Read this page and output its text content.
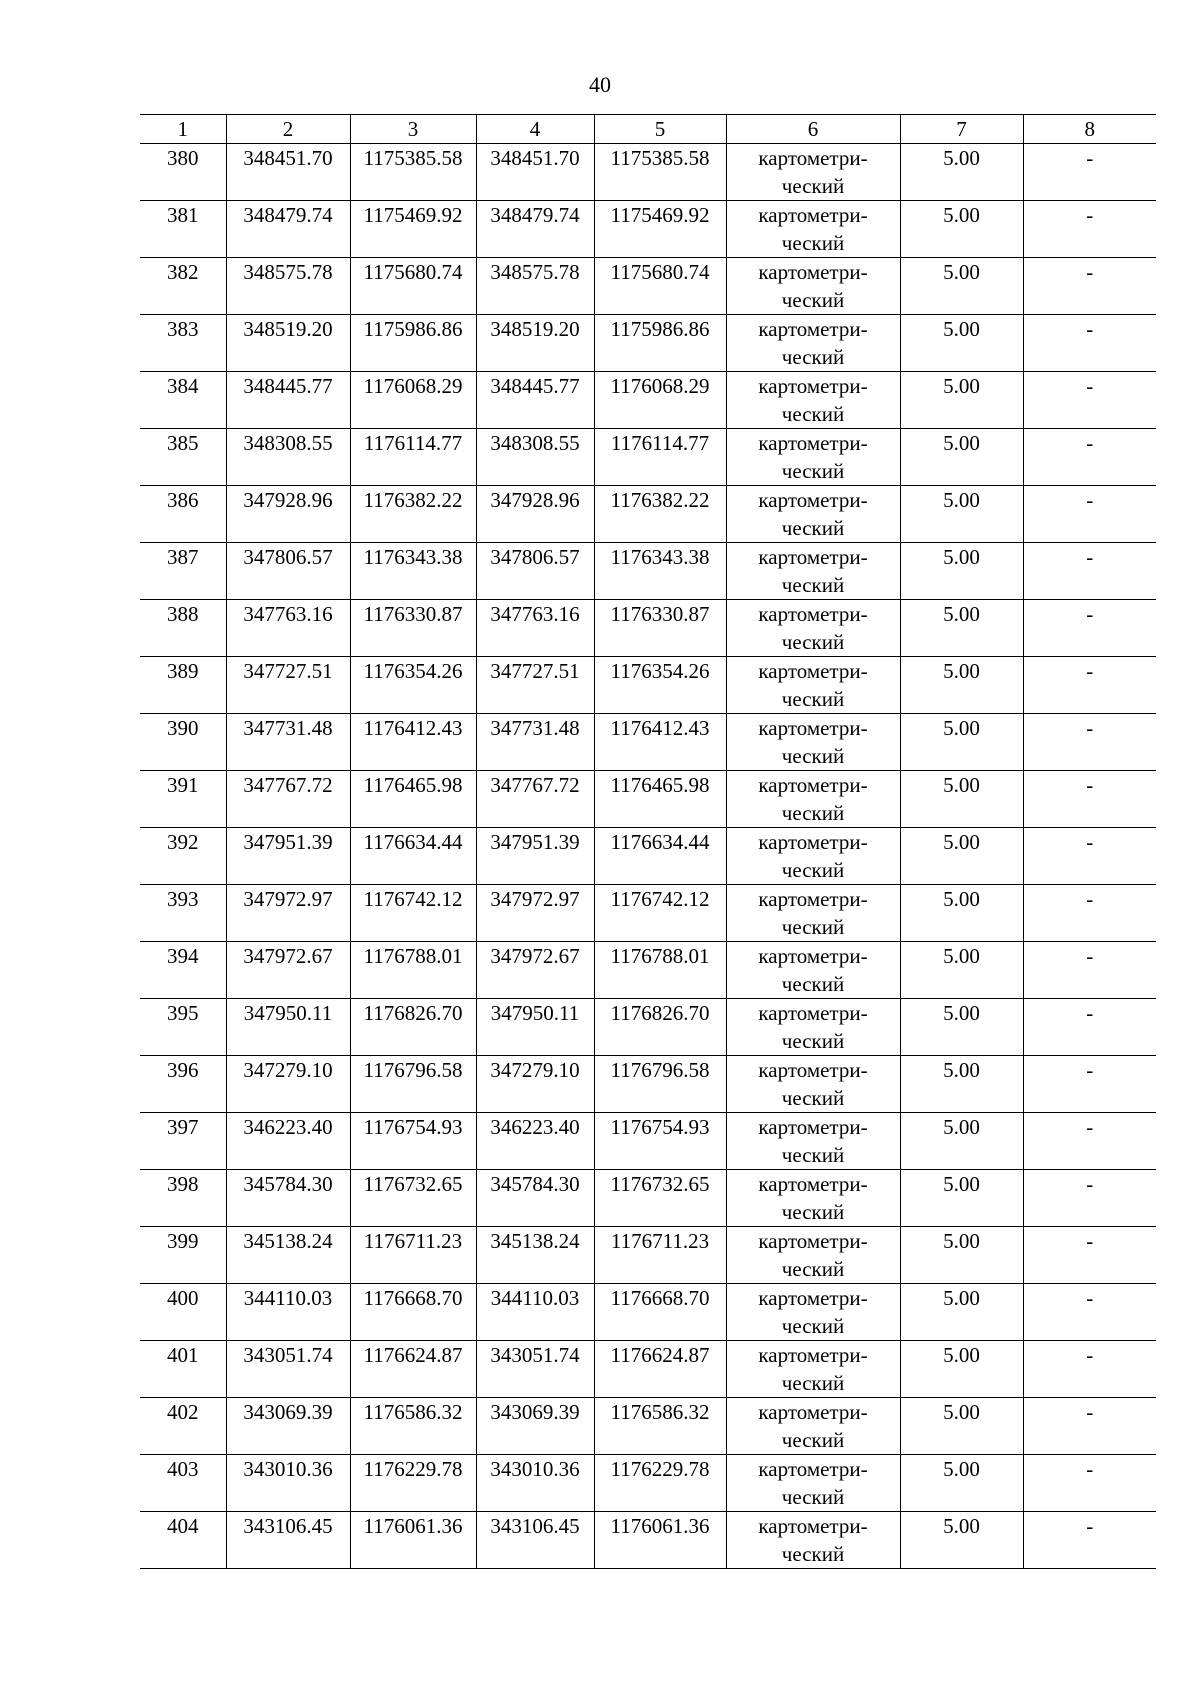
40
1	2	3	4	5	6	7	8
380	348451.70	1175385.58	348451.70	1175385.58	картометри-
ческий	5.00	-
381	348479.74	1175469.92	348479.74	1175469.92	картометри-
ческий	5.00	-
382	348575.78	1175680.74	348575.78	1175680.74	картометри-
ческий	5.00	-
383	348519.20	1175986.86	348519.20	1175986.86	картометри-
ческий	5.00	-
384	348445.77	1176068.29	348445.77	1176068.29	картометри-
ческий	5.00	-
385	348308.55	1176114.77	348308.55	1176114.77	картометри-
ческий	5.00	-
386	347928.96	1176382.22	347928.96	1176382.22	картометри-
ческий	5.00	-
387	347806.57	1176343.38	347806.57	1176343.38	картометри-
ческий	5.00	-
388	347763.16	1176330.87	347763.16	1176330.87	картометри-
ческий	5.00	-
389	347727.51	1176354.26	347727.51	1176354.26	картометри-
ческий	5.00	-
390	347731.48	1176412.43	347731.48	1176412.43	картометри-
ческий	5.00	-
391	347767.72	1176465.98	347767.72	1176465.98	картометри-
ческий	5.00	-
392	347951.39	1176634.44	347951.39	1176634.44	картометри-
ческий	5.00	-
393	347972.97	1176742.12	347972.97	1176742.12	картометри-
ческий	5.00	-
394	347972.67	1176788.01	347972.67	1176788.01	картометри-
ческий	5.00	-
395	347950.11	1176826.70	347950.11	1176826.70	картометри-
ческий	5.00	-
396	347279.10	1176796.58	347279.10	1176796.58	картометри-
ческий	5.00	-
397	346223.40	1176754.93	346223.40	1176754.93	картометри-
ческий	5.00	-
398	345784.30	1176732.65	345784.30	1176732.65	картометри-
ческий	5.00	-
399	345138.24	1176711.23	345138.24	1176711.23	картометри-
ческий	5.00	-
400	344110.03	1176668.70	344110.03	1176668.70	картометри-
ческий	5.00	-
401	343051.74	1176624.87	343051.74	1176624.87	картометри-
ческий	5.00	-
402	343069.39	1176586.32	343069.39	1176586.32	картометри-
ческий	5.00	-
403	343010.36	1176229.78	343010.36	1176229.78	картометри-
ческий	5.00	-
404	343106.45	1176061.36	343106.45	1176061.36	картометри-
ческий	5.00	-
